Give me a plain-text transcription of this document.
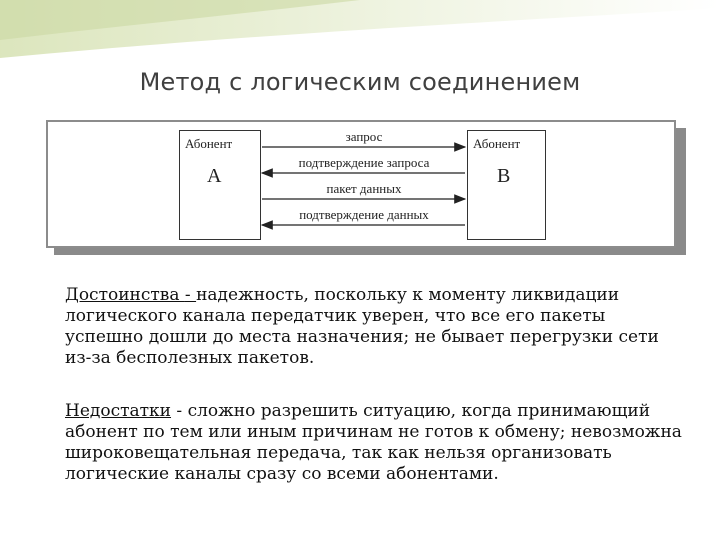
Метод с логическим соединением
Абонент
A
Абонент
B
запрос
подтверждение запроса
пакет данных
подтверждение данных
Достоинства - надежность, поскольку к моменту ликвидации логического канала передатчик уверен, что все его пакеты успешно дошли до места назначения; не бывает перегрузки сети из-за бесполезных пакетов.
Недостатки - сложно разрешить ситуацию, когда принимающий абонент по тем или иным причинам не готов к обмену; невозможна широковещательная передача, так как нельзя организовать логические каналы сразу со всеми абонентами.
